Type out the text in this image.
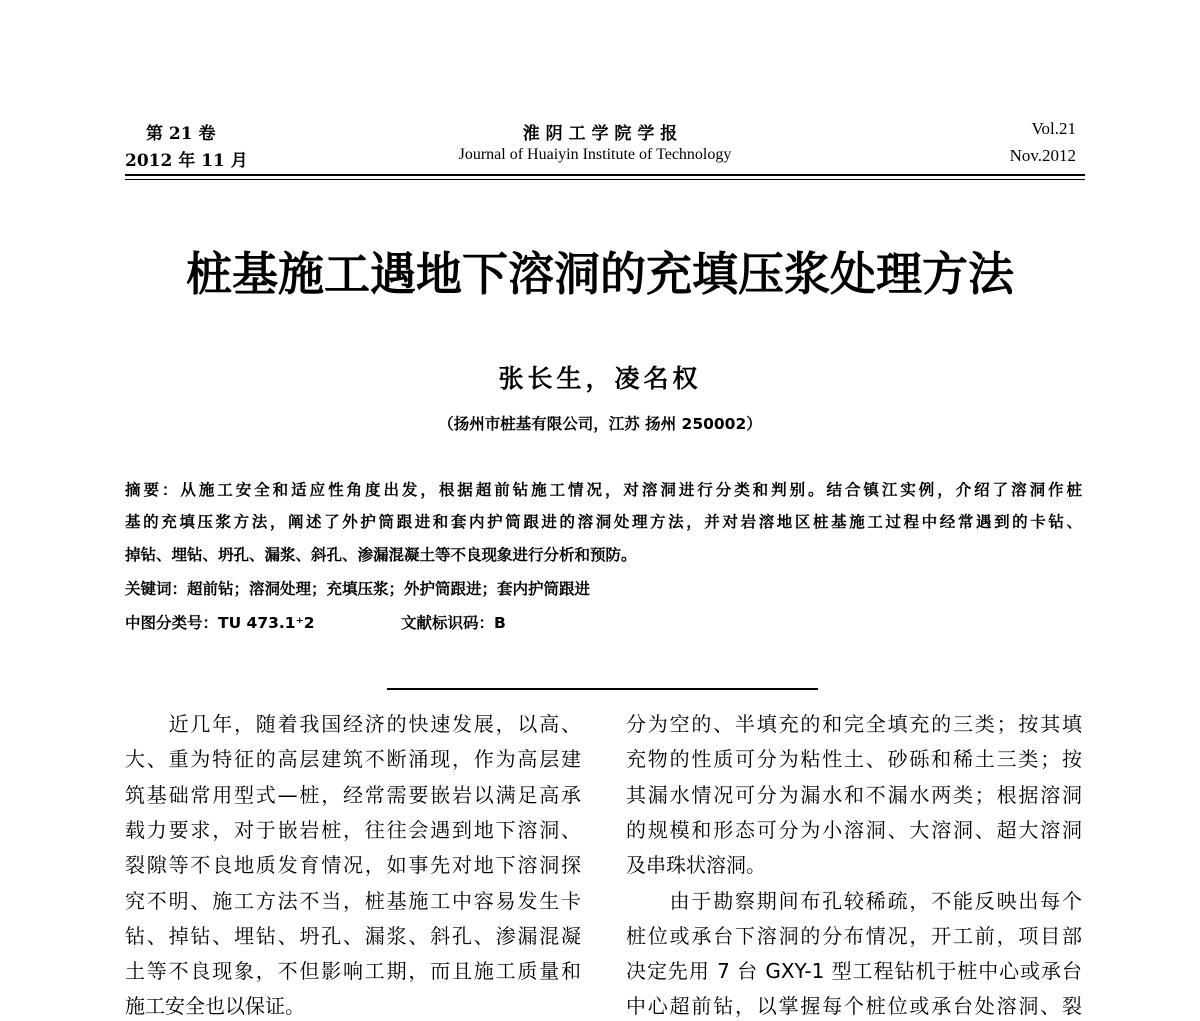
第 21 卷
2012 年 11 月
淮 阴 工 学 院 学 报
Journal of Huaiyin Institute of Technology
Vol.21
Nov.2012
桩基施工遇地下溶洞的充填压浆处理方法
张长生，凌名权
（扬州市桩基有限公司，江苏 扬州 250002）
摘要：从施工安全和适应性角度出发，根据超前钻施工情况，对溶洞进行分类和判别。结合镇江实例，介绍了溶洞作桩
基的充填压浆方法，阐述了外护筒跟进和套内护筒跟进的溶洞处理方法，并对岩溶地区桩基施工过程中经常遇到的卡钻、
掉钻、埋钻、坍孔、漏浆、斜孔、渗漏混凝土等不良现象进行分析和预防。
关键词：超前钻；溶洞处理；充填压浆；外护筒跟进；套内护筒跟进
中图分类号：TU 473.1⁺2	文献标识码：B
　　近几年，随着我国经济的快速发展，以高、
大、重为特征的高层建筑不断涌现，作为高层建
筑基础常用型式—桩，经常需要嵌岩以满足高承
载力要求，对于嵌岩桩，往往会遇到地下溶洞、
裂隙等不良地质发育情况，如事先对地下溶洞探
究不明、施工方法不当，桩基施工中容易发生卡
钻、掉钻、埋钻、坍孔、漏浆、斜孔、渗漏混凝
土等不良现象，不但影响工期，而且施工质量和
施工安全也以保证。
分为空的、半填充的和完全填充的三类；按其填
充物的性质可分为粘性土、砂砾和稀土三类；按
其漏水情况可分为漏水和不漏水两类；根据溶洞
的规模和形态可分为小溶洞、大溶洞、超大溶洞
及串珠状溶洞。
　　由于勘察期间布孔较稀疏，不能反映出每个
桩位或承台下溶洞的分布情况，开工前，项目部
决定先用 7 台 GXY-1 型工程钻机于桩中心或承台
中心超前钻，以掌握每个桩位或承台处溶洞、裂
